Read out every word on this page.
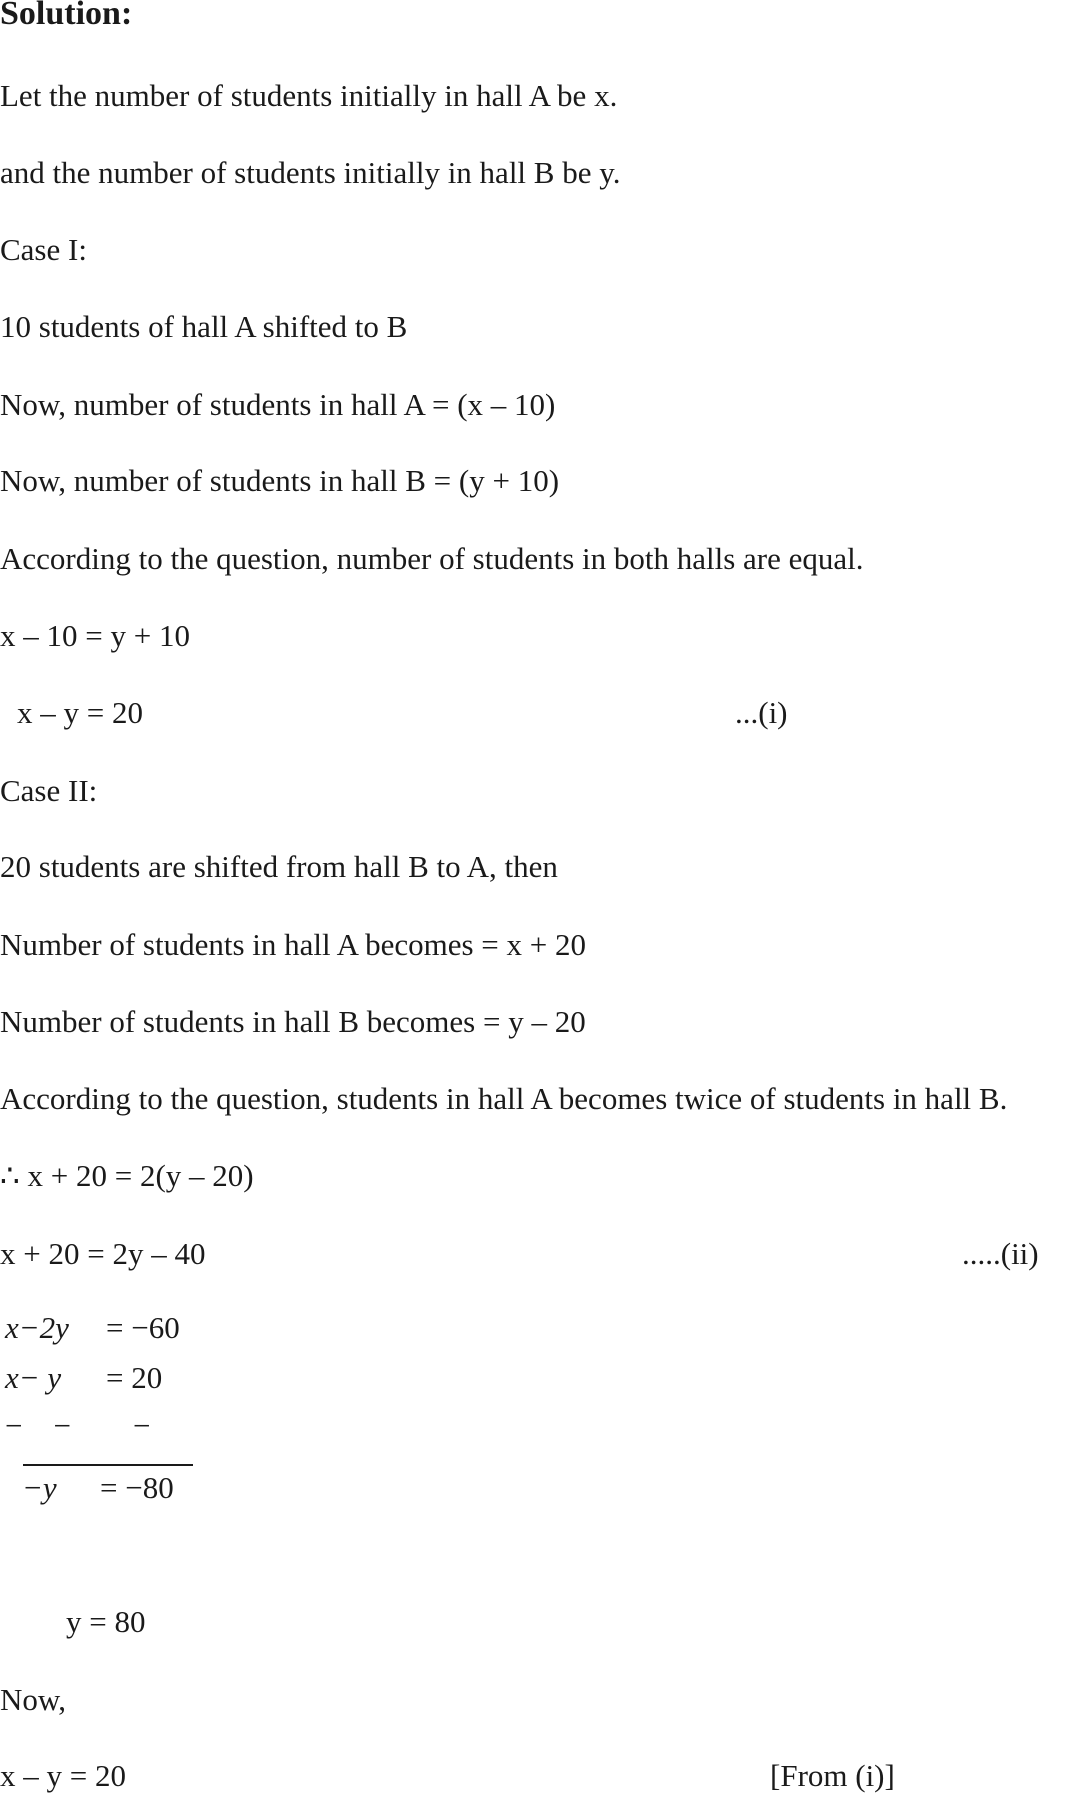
Solution:
Let the number of students initially in hall A be x.
and the number of students initially in hall B be y.
Case I:
10 students of hall A shifted to B
Now, number of students in hall A = (x – 10)
Now, number of students in hall B = (y + 10)
According to the question, number of students in both halls are equal.
x – 10 = y + 10
x – y = 20	...(i)
Case II:
20 students are shifted from hall B to A, then
Number of students in hall A becomes = x + 20
Number of students in hall B becomes = y – 20
According to the question, students in hall A becomes twice of students in hall B.
∴ x + 20 = 2(y – 20)
x + 20 = 2y – 40	.....(ii)
x−2y = −60
x− y = 20
−    −        −
−y = −80
y = 80
Now,
x – y = 20	[From (i)]
